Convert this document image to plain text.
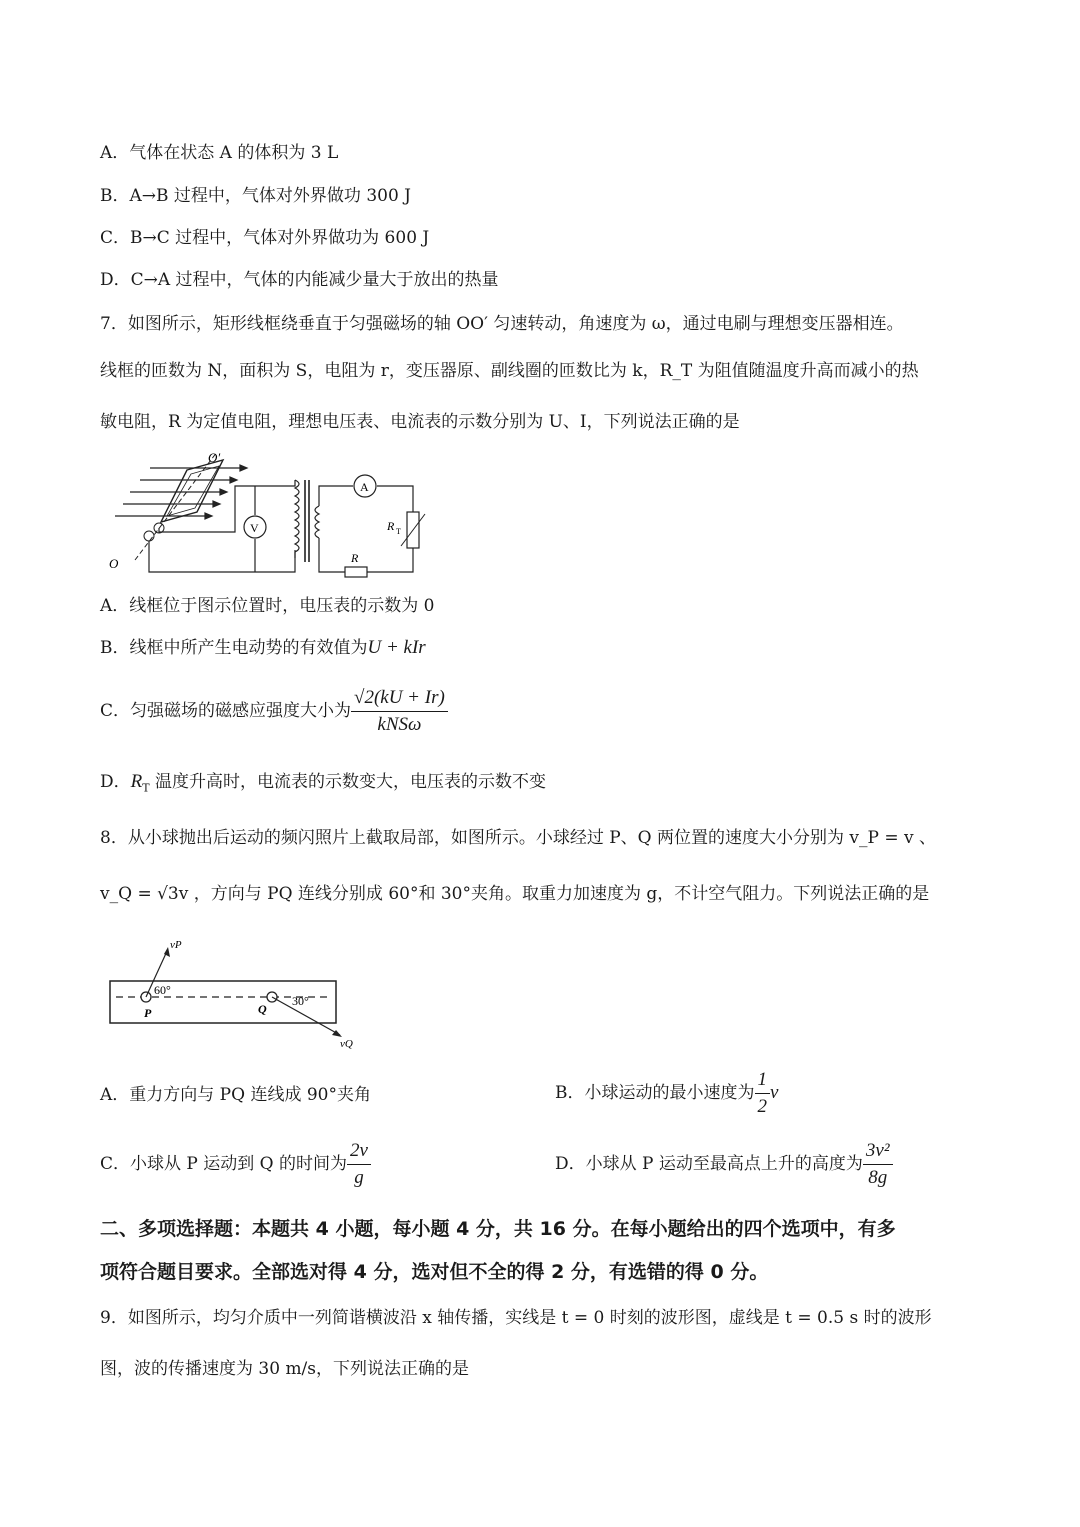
A．气体在状态 A 的体积为 3 L
B．A→B 过程中，气体对外界做功 300 J
C．B→C 过程中，气体对外界做功为 600 J
D．C→A 过程中，气体的内能减少量大于放出的热量
7．如图所示，矩形线框绕垂直于匀强磁场的轴 OO′ 匀速转动，角速度为 ω，通过电刷与理想变压器相连。
线框的匝数为 N，面积为 S，电阻为 r，变压器原、副线圈的匝数比为 k，R_T 为阻值随温度升高而减小的热
敏电阻，R 为定值电阻，理想电压表、电流表的示数分别为 U、I，下列说法正确的是
O′
O
V
A
R T
R
A．线框位于图示位置时，电压表的示数为 0
B．线框中所产生电动势的有效值为U + kIr
C．匀强磁场的磁感应强度大小为 $\frac{√2(kU + Ir)}{\text{kNSω}}$
D．$R_T$ 温度升高时，电流表的示数变大，电压表的示数不变
8．从小球抛出后运动的频闪照片上截取局部，如图所示。小球经过 P、Q 两位置的速度大小分别为 v_P = v 、
v_Q = √3v ，方向与 PQ 连线分别成 60°和 30°夹角。取重力加速度为 g，不计空气阻力。下列说法正确的是
vP
60°
P
vQ
30°
Q
A．重力方向与 PQ 连线成 90°夹角	B．小球运动的最小速度为 $\frac{1}{2}$ v
C．小球从 P 运动到 Q 的时间为 $\frac{2v}{g}$	D．小球从 P 运动至最高点上升的高度为 $\frac{\text{3v²}}{8g}$
二、多项选择题：本题共 4 小题，每小题 4 分，共 16 分。在每小题给出的四个选项中，有多
项符合题目要求。全部选对得 4 分，选对但不全的得 2 分，有选错的得 0 分。
9．如图所示，均匀介质中一列简谐横波沿 x 轴传播，实线是 t = 0 时刻的波形图，虚线是 t = 0.5 s 时的波形
图，波的传播速度为 30 m/s，下列说法正确的是
